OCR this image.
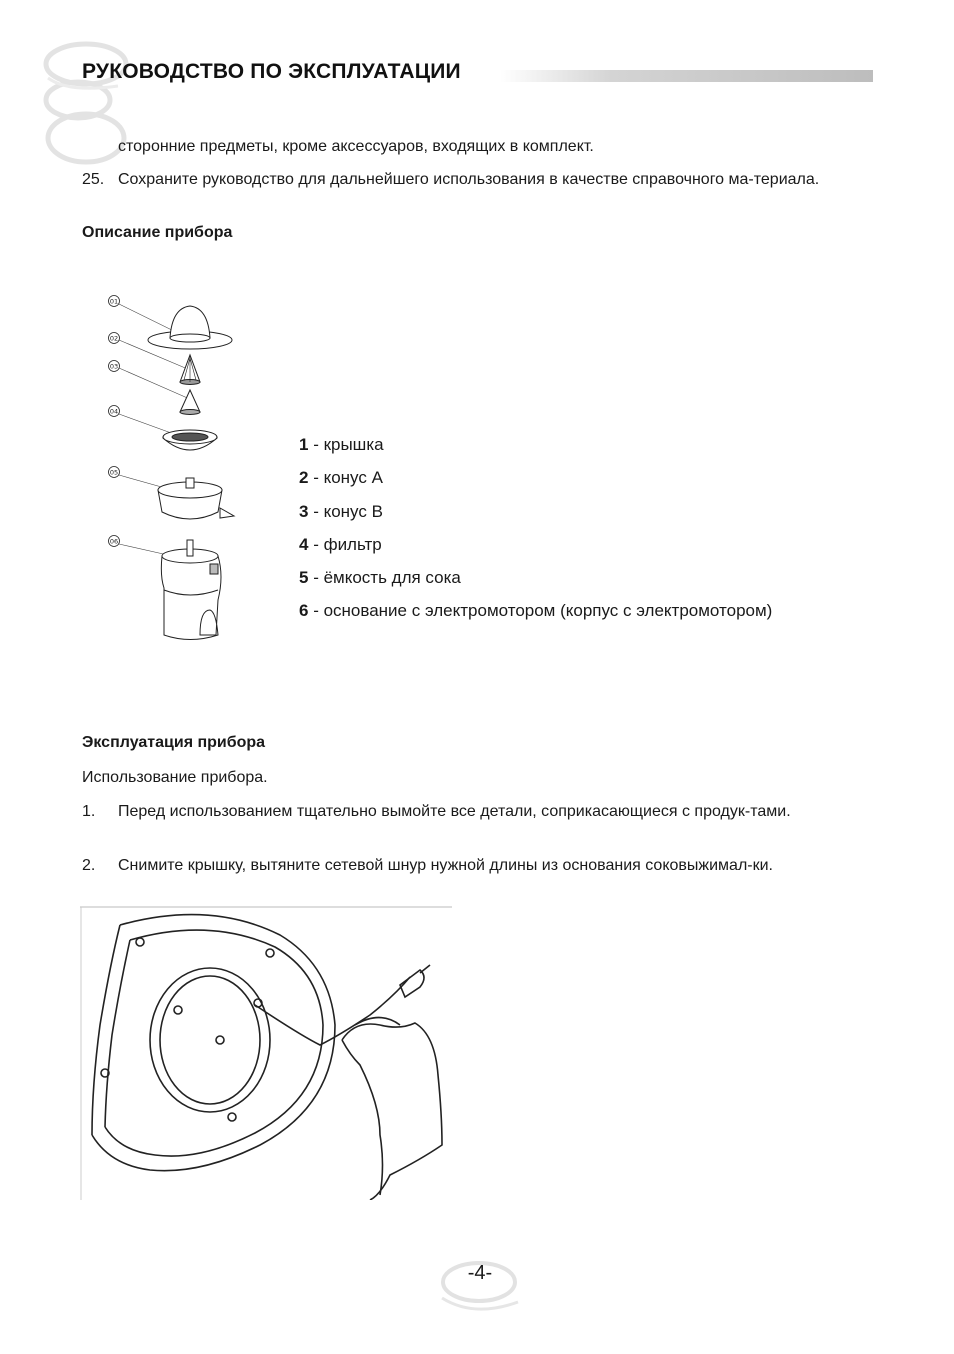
РУКОВОДСТВО ПО ЭКСПЛУАТАЦИИ
сторонние предметы, кроме аксессуаров, входящих в комплект.
25. Сохраните руководство для дальнейшего использования в качестве справочного ма-териала.
Описание прибора
01
02
03
04
05
06
1 - крышка
2 - конус А
3 - конус В
4 - фильтр
5 - ёмкость для сока
6 - основание с электромотором (корпус с электромотором)
Эксплуатация прибора
Использование прибора.
1. Перед использованием тщательно вымойте все детали, соприкасающиеся с продук-тами.
2. Снимите крышку, вытяните сетевой шнур нужной длины из основания соковыжимал-ки.
-4-
